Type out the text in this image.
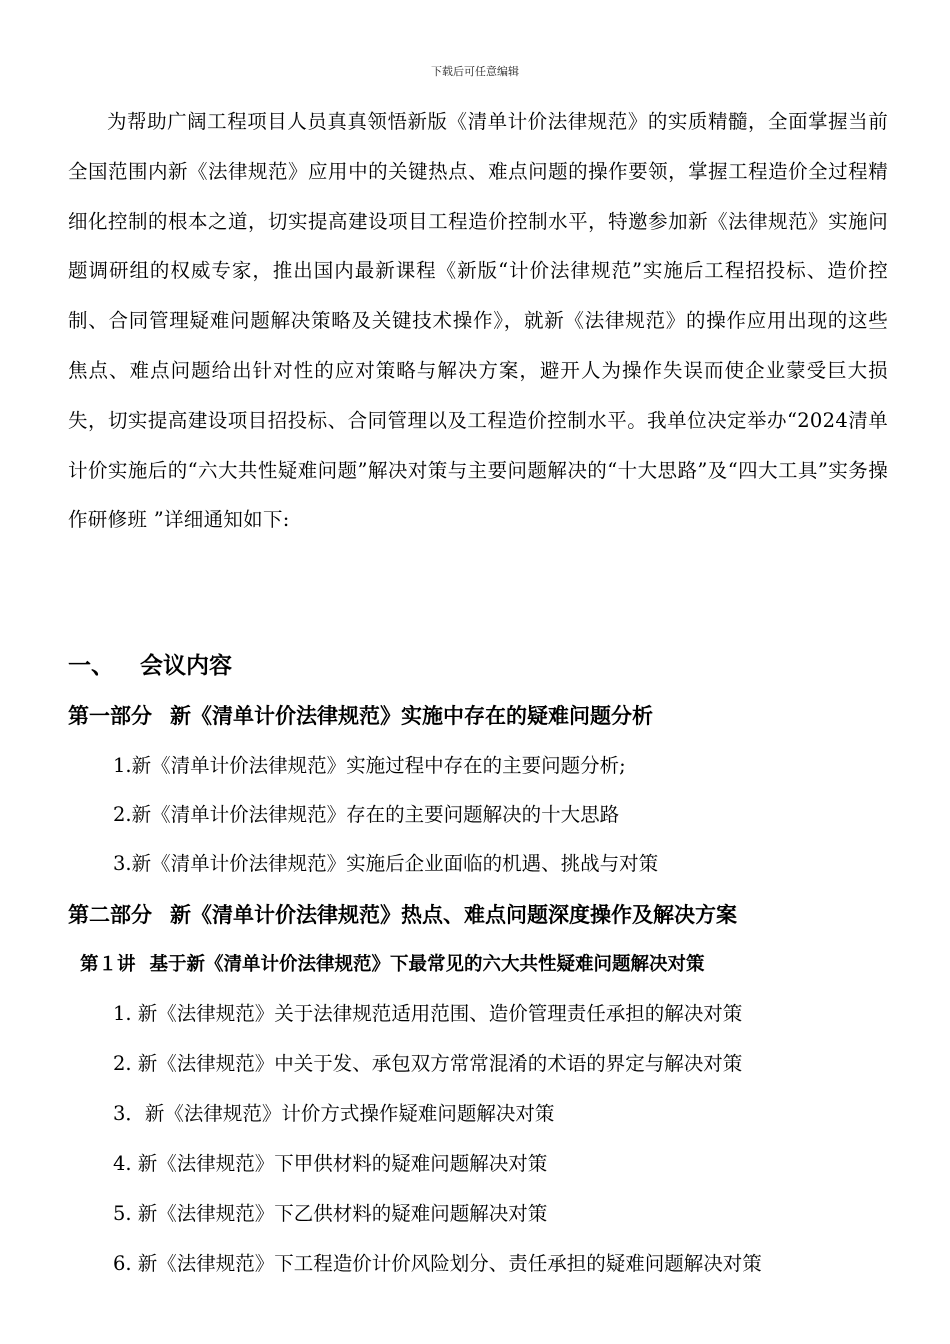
下载后可任意编辑

为帮助广阔工程项目人员真真领悟新版《清单计价法律规范》的实质精髓，全面掌握当前全国范围内新《法律规范》应用中的关键热点、难点问题的操作要领，掌握工程造价全过程精细化控制的根本之道，切实提高建设项目工程造价控制水平，特邀参加新《法律规范》实施问题调研组的权威专家，推出国内最新课程《新版“计价法律规范”实施后工程招投标、造价控制、合同管理疑难问题解决策略及关键技术操作》，就新《法律规范》的操作应用出现的这些焦点、难点问题给出针对性的应对策略与解决方案，避开人为操作失误而使企业蒙受巨大损失，切实提高建设项目招投标、合同管理以及工程造价控制水平。我单位决定举办“2024清单计价实施后的“六大共性疑难问题”解决对策与主要问题解决的“十大思路”及“四大工具”实务操作研修班 ”详细通知如下:

一、 会议内容
第一部分 新《清单计价法律规范》实施中存在的疑难问题分析
1.新《清单计价法律规范》实施过程中存在的主要问题分析;
2.新《清单计价法律规范》存在的主要问题解决的十大思路
3.新《清单计价法律规范》实施后企业面临的机遇、挑战与对策
第二部分 新《清单计价法律规范》热点、难点问题深度操作及解决方案
第１讲 基于新《清单计价法律规范》下最常见的六大共性疑难问题解决对策
1. 新《法律规范》关于法律规范适用范围、造价管理责任承担的解决对策
2. 新《法律规范》中关于发、承包双方常常混淆的术语的界定与解决对策
3．新《法律规范》计价方式操作疑难问题解决对策
4. 新《法律规范》下甲供材料的疑难问题解决对策
5. 新《法律规范》下乙供材料的疑难问题解决对策
6. 新《法律规范》下工程造价计价风险划分、责任承担的疑难问题解决对策
